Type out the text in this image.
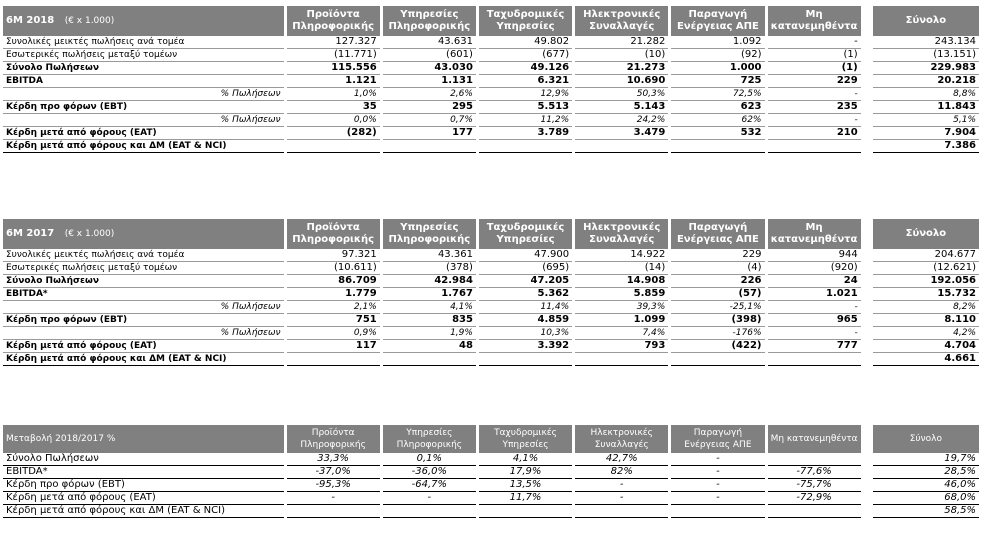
6M 2018 (€ x 1.000)		Προϊόντα Πληροφορικής		Υπηρεσίες Πληροφορικής		Ταχυδρομικές Υπηρεσίες		Ηλεκτρονικές Συναλλαγές		Παραγωγή Ενέργειας ΑΠΕ		Μη κατανεμηθέντα		Σύνολο
Συνολικές μεικτές πωλήσεις ανά τομέα		127.327		43.631		49.802		21.282		1.092		-		243.134
Εσωτερικές πωλήσεις μεταξύ τομέων		(11.771)		(601)		(677)		(10)		(92)		(1)		(13.151)
Σύνολο Πωλήσεων		115.556		43.030		49.126		21.273		1.000		(1)		229.983
EBITDA		1.121		1.131		6.321		10.690		725		229		20.218
% Πωλήσεων		1,0%		2,6%		12,9%		50,3%		72,5%		-		8,8%
Κέρδη προ φόρων (EBT)		35		295		5.513		5.143		623		235		11.843
% Πωλήσεων		0,0%		0,7%		11,2%		24,2%		62%		-		5,1%
Κέρδη μετά από φόρους (EAT)		(282)		177		3.789		3.479		532		210		7.904
Κέρδη μετά από φόρους και ΔΜ (EAT & NCI)														7.386
6M 2017 (€ x 1.000)		Προϊόντα Πληροφορικής		Υπηρεσίες Πληροφορικής		Ταχυδρομικές Υπηρεσίες		Ηλεκτρονικές Συναλλαγές		Παραγωγή Ενέργειας ΑΠΕ		Μη κατανεμηθέντα		Σύνολο
Συνολικές μεικτές πωλήσεις ανά τομέα		97.321		43.361		47.900		14.922		229		944		204.677
Εσωτερικές πωλήσεις μεταξύ τομέων		(10.611)		(378)		(695)		(14)		(4)		(920)		(12.621)
Σύνολο Πωλήσεων		86.709		42.984		47.205		14.908		226		24		192.056
EBITDA*		1.779		1.767		5.362		5.859		(57)		1.021		15.732
% Πωλήσεων		2,1%		4,1%		11,4%		39,3%		-25,1%		-		8,2%
Κέρδη προ φόρων (EBT)		751		835		4.859		1.099		(398)		965		8.110
% Πωλήσεων		0,9%		1,9%		10,3%		7,4%		-176%		-		4,2%
Κέρδη μετά από φόρους (EAT)		117		48		3.392		793		(422)		777		4.704
Κέρδη μετά από φόρους και ΔΜ (EAT & NCI)														4.661
Μεταβολή 2018/2017 %		Προϊόντα Πληροφορικής		Υπηρεσίες Πληροφορικής		Ταχυδρομικές Υπηρεσίες		Ηλεκτρονικές Συναλλαγές		Παραγωγή Ενέργειας ΑΠΕ		Μη κατανεμηθέντα		Σύνολο
Σύνολο Πωλήσεων		33,3%		0,1%		4,1%		42,7%		-				19,7%
EBITDA*		-37,0%		-36,0%		17,9%		82%		-		-77,6%		28,5%
Κέρδη προ φόρων (EBT)		-95,3%		-64,7%		13,5%		-		-		-75,7%		46,0%
Κέρδη μετά από φόρους (EAT)		-		-		11,7%		-		-		-72,9%		68,0%
Κέρδη μετά από φόρους και ΔΜ (EAT & NCI)														58,5%
